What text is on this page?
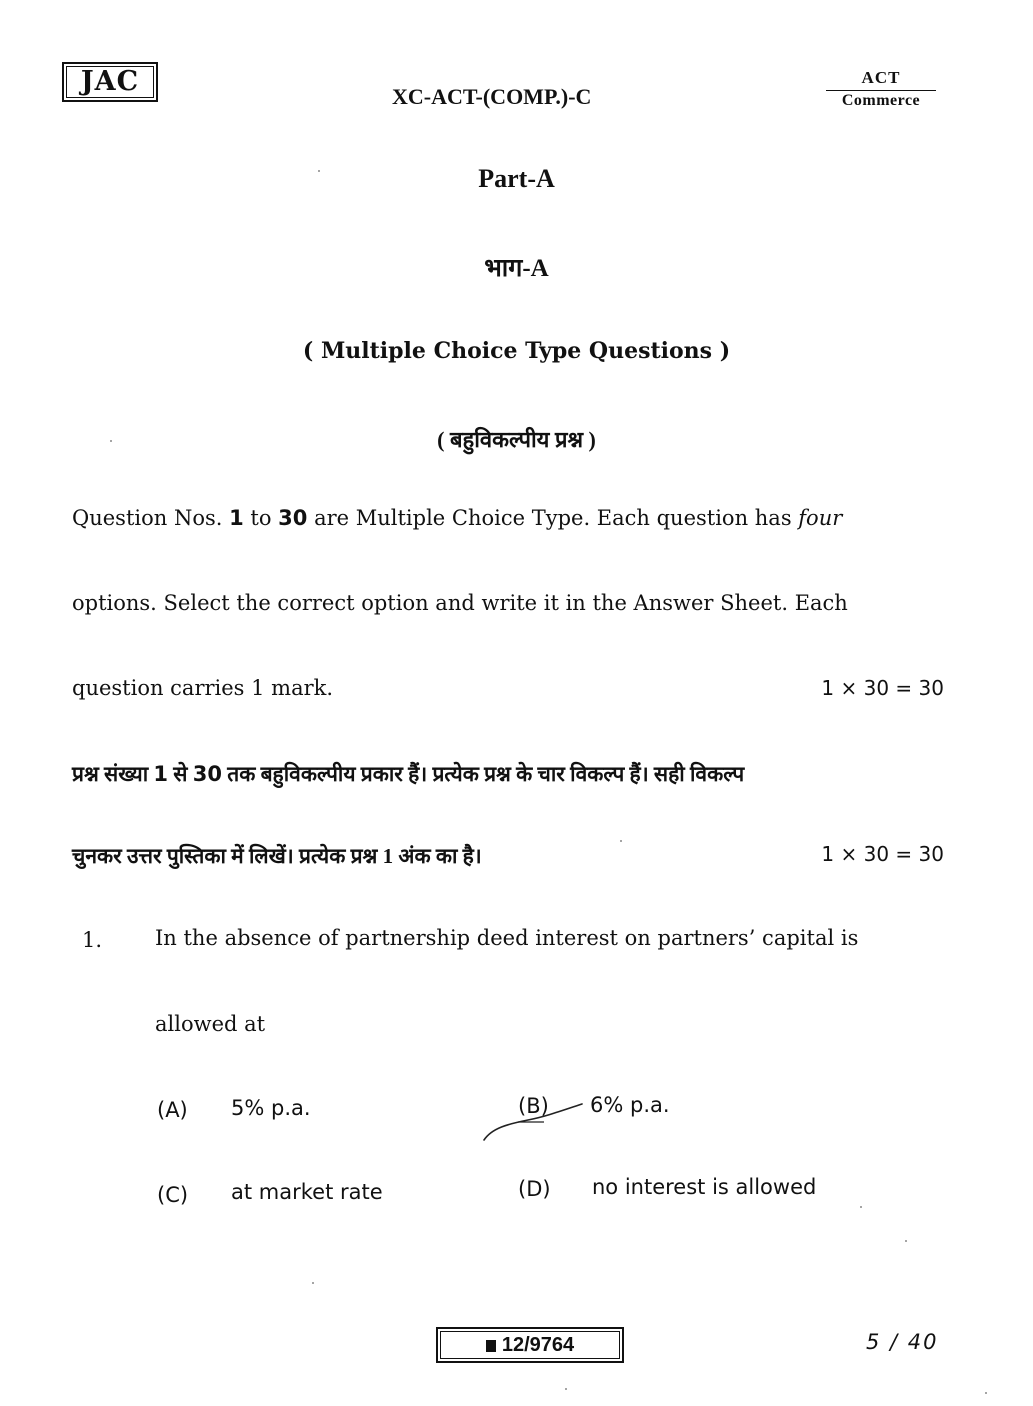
JAC	XC-ACT-(COMP.)-C
ACT
Commerce
Part-A
भाग-A
( Multiple Choice Type Questions )
( बहुविकल्पीय प्रश्न )
Question Nos. 1 to 30 are Multiple Choice Type. Each question has four
options. Select the correct option and write it in the Answer Sheet. Each
question carries 1 mark.	1 × 30 = 30
प्रश्न संख्या 1 से 30 तक बहुविकल्पीय प्रकार हैं। प्रत्येक प्रश्न के चार विकल्प हैं। सही विकल्प
चुनकर उत्तर पुस्तिका में लिखें। प्रत्येक प्रश्न 1 अंक का है।	1 × 30 = 30
1.	In the absence of partnership deed interest on partners’ capital is
allowed at
(A) 5% p.a.	(B) 6% p.a.
(C) at market rate	(D) no interest is allowed
12/9764	5 / 40
